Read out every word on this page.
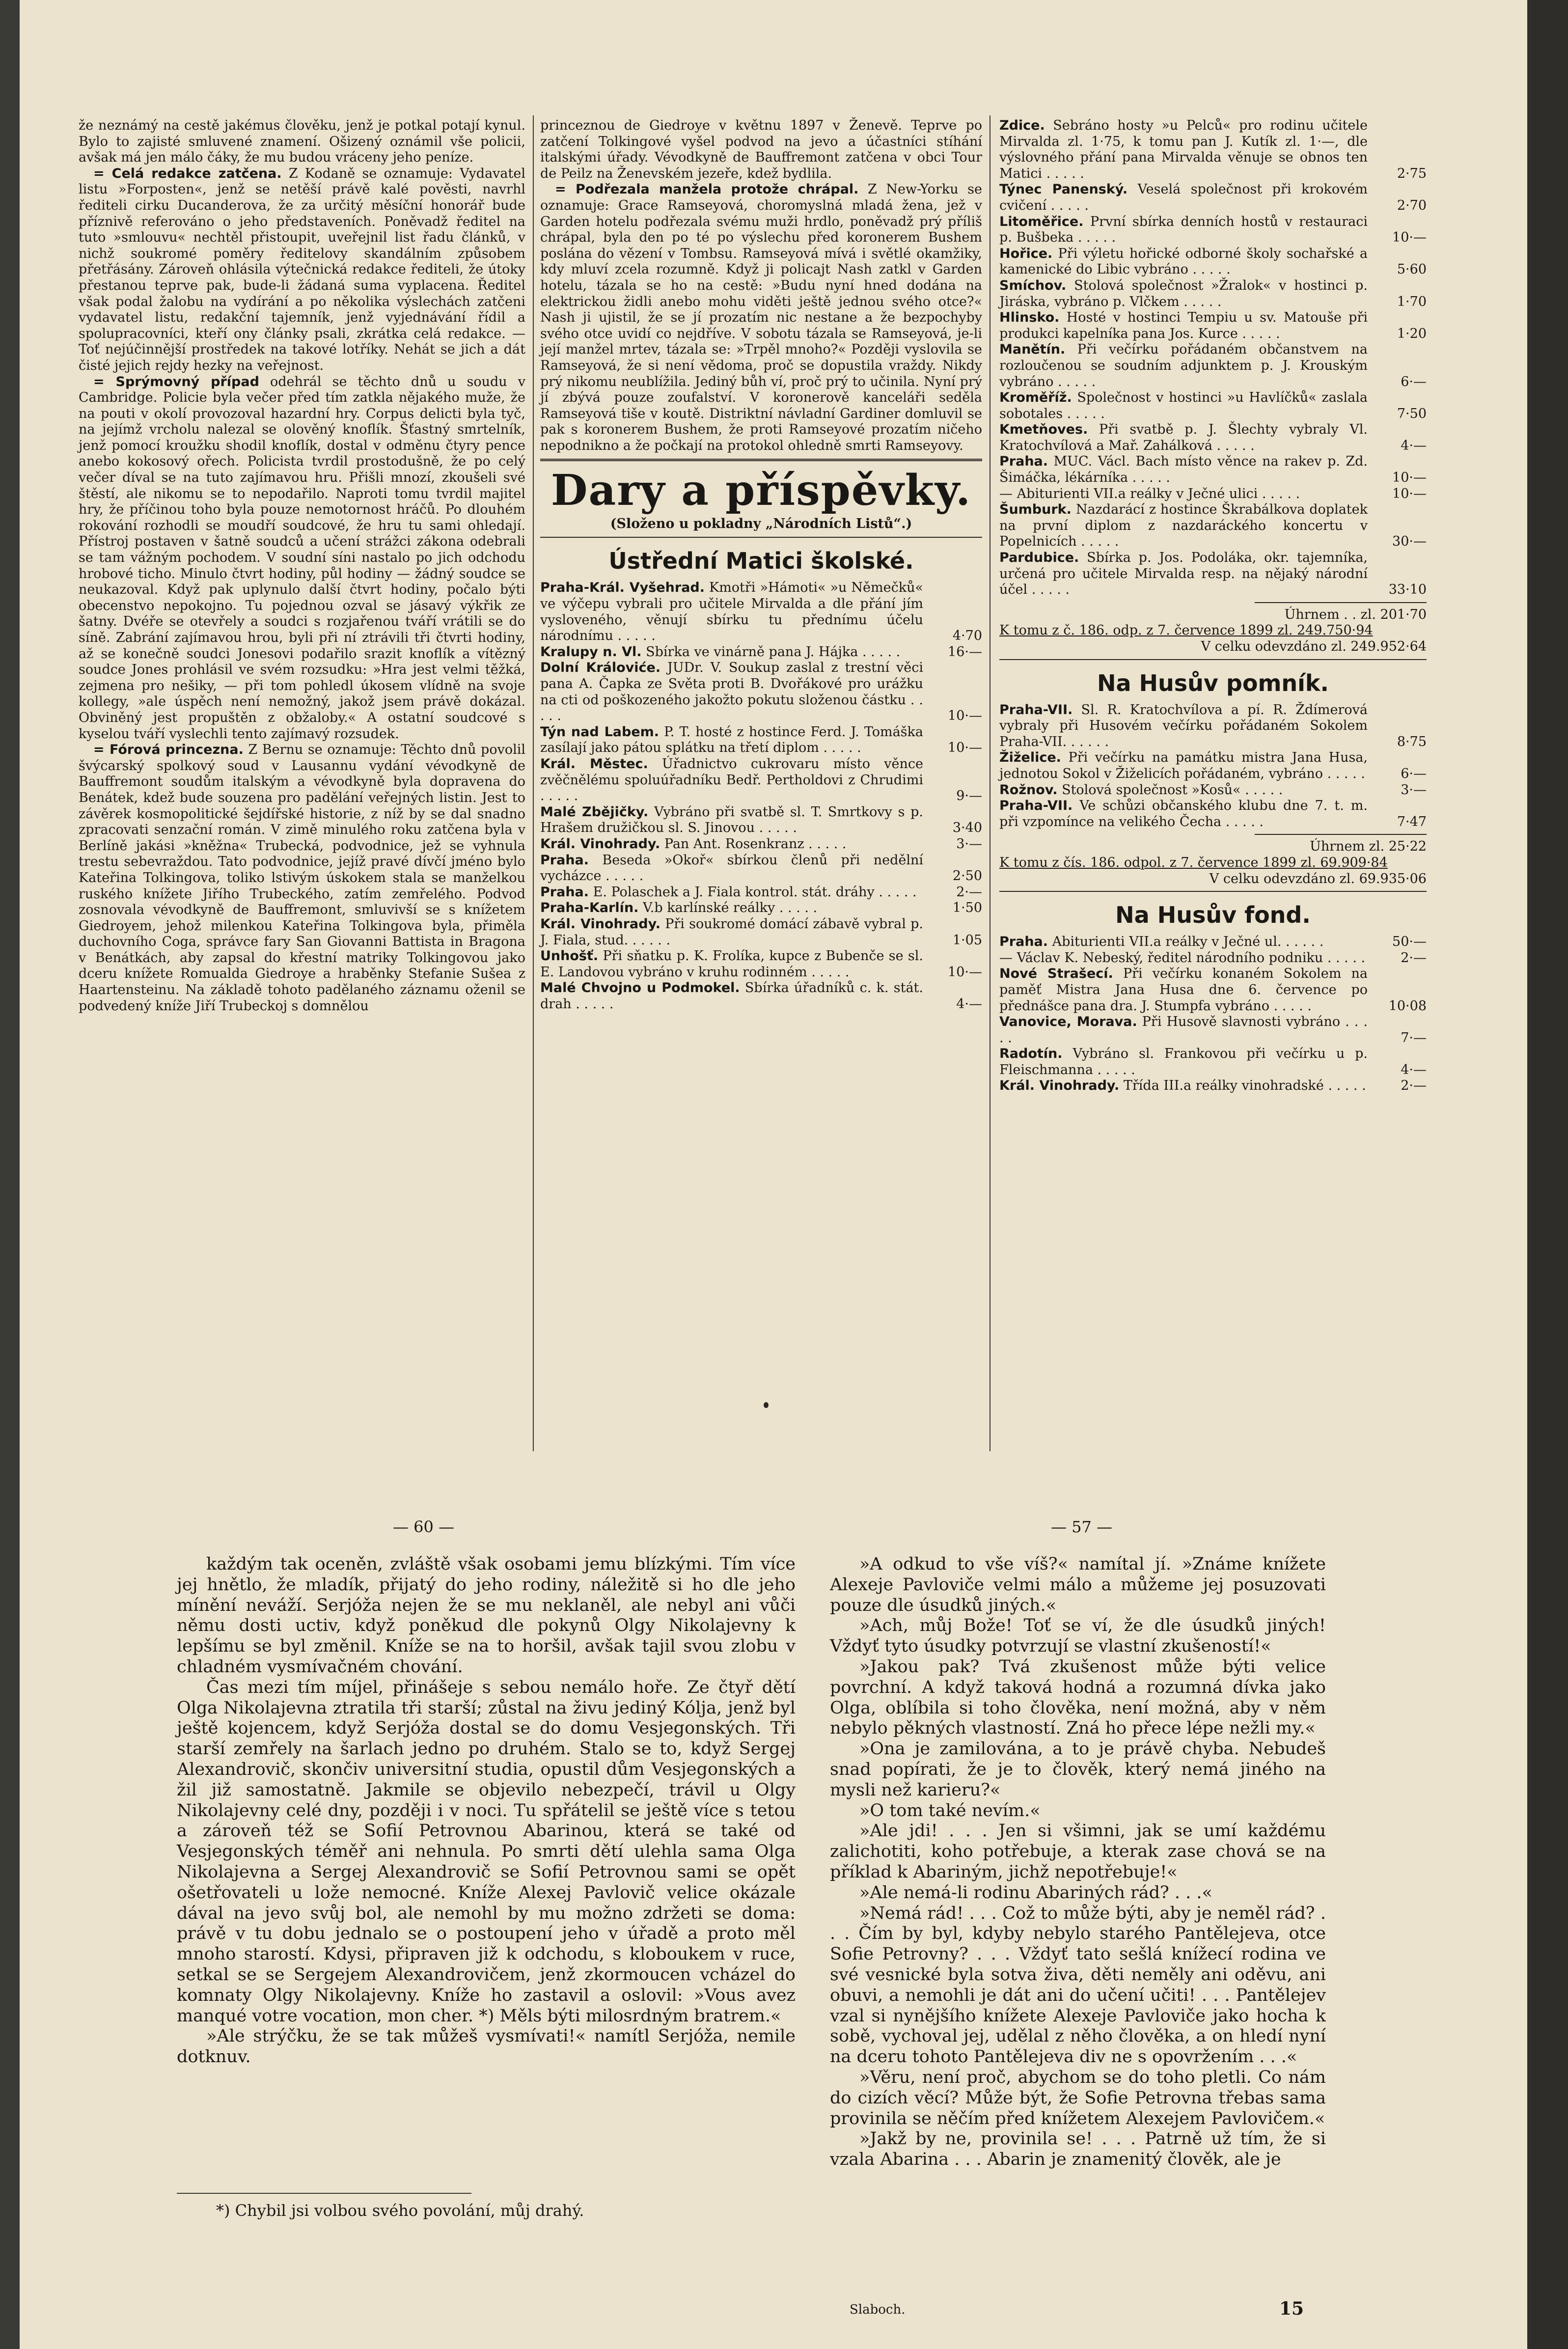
že neznámý na cestě jakémus člověku, jenž je potkal potají kynul. Bylo to zajisté smluvené znamení. Ošizený oznámil vše policii, avšak má jen málo čáky, že mu budou vráceny jeho peníze.

= Celá redakce zatčena. Z Kodaně se oznamuje: Vydavatel listu »Forposten«, jenž se netěší právě kalé pověsti, navrhl řediteli cirku Ducanderova, že za určitý měsíční honorář bude příznivě referováno o jeho představeních. Poněvadž ředitel na tuto »smlouvu« nechtěl přistoupit, uveřejnil list řadu článků, v nichž soukromé poměry ředitelovy skandálním způsobem přetřásány. Zároveň ohlásila výtečnická redakce řediteli, že útoky přestanou teprve pak, bude-li žádaná suma vyplacena. Ředitel však podal žalobu na vydírání a po několika výslechách zatčeni vydavatel listu, redakční tajemník, jenž vyjednávání řídil a spolupracovníci, kteří ony články psali, zkrátka celá redakce. — Toť nejúčinnější prostředek na takové lotříky. Nehát se jich a dát čisté jejich rejdy hezky na veřejnost.

= Sprýmovný případ odehrál se těchto dnů u soudu v Cambridge. Policie byla večer před tím zatkla nějakého muže, že na pouti v okolí provozoval hazardní hry. Corpus delicti byla tyč, na jejímž vrcholu nalezal se olověný knoflík. Šťastný smrtelník, jenž pomocí kroužku shodil knoflík, dostal v odměnu čtyry pence anebo kokosový ořech. Policista tvrdil prostodušně, že po celý večer díval se na tuto zajímavou hru. Přišli mnozí, zkoušeli své štěstí, ale nikomu se to nepodařilo. Naproti tomu tvrdil majitel hry, že příčinou toho byla pouze nemotornost hráčů. Po dlouhém rokování rozhodli se moudří soudcové, že hru tu sami ohledají. Přístroj postaven v šatně soudců a učení strážci zákona odebrali se tam vážným pochodem. V soudní síni nastalo po jich odchodu hrobové ticho. Minulo čtvrt hodiny, půl hodiny — žádný soudce se neukazoval. Když pak uplynulo další čtvrt hodiny, počalo býti obecenstvo nepokojno. Tu pojednou ozval se jásavý výkřik ze šatny. Dvéře se otevřely a soudci s rozjařenou tváří vrátili se do síně. Zabrání zajímavou hrou, byli při ní ztrávili tři čtvrti hodiny, až se konečně soudci Jonesovi podařilo srazit knoflík a vítězný soudce Jones prohlásil ve svém rozsudku: »Hra jest velmi těžká, zejmena pro nešiky, — při tom pohledl úkosem vlídně na svoje kollegy, »ale úspěch není nemožný, jakož jsem právě dokázal. Obviněný jest propuštěn z obžaloby.« A ostatní soudcové s kyselou tváří vyslechli tento zajímavý rozsudek.

= Fórová princezna. Z Bernu se oznamuje: Těchto dnů povolil švýcarský spolkový soud v Lausannu vydání vévodkyně de Bauffremont soudům italským a vévodkyně byla dopravena do Benátek, kdež bude souzena pro padělání veřejných listin. Jest to závěrek kosmopolitické šejdířské historie, z níž by se dal snadno zpracovati senzační román. V zimě minulého roku zatčena byla v Berlíně jakási »kněžna« Trubecká, podvodnice, jež se vyhnula trestu sebevraždou. Tato podvodnice, jejíž pravé dívčí jméno bylo Kateřina Tolkingova, toliko lstivým úskokem stala se manželkou ruského knížete Jiřího Trubeckého, zatím zemřelého. Podvod zosnovala vévodkyně de Bauffremont, smluvivší se s knížetem Giedroyem, jehož milenkou Kateřina Tolkingova byla, přiměla duchovního Coga, správce fary San Giovanni Battista in Bragona v Benátkách, aby zapsal do křestní matriky Tolkingovou jako dceru knížete Romualda Giedroye a hraběnky Stefanie Sušea z Haartensteinu. Na základě tohoto padělaného záznamu oženil se podvedený kníže Jiří Trubeckoj s domnělou

princeznou de Giedroye v květnu 1897 v Ženevě. Teprve po zatčení Tolkingové vyšel podvod na jevo a účastníci stíhání italskými úřady. Vévodkyně de Bauffremont zatčena v obci Tour de Peilz na Ženevském jezeře, kdež bydlila.

= Podřezala manžela protože chrápal. Z New-Yorku se oznamuje: Grace Ramseyová, choromyslná mladá žena, jež v Garden hotelu podřezala svému muži hrdlo, poněvadž prý příliš chrápal, byla den po té po výslechu před koronerem Bushem poslána do vězení v Tombsu. Ramseyová mívá i světlé okamžiky, kdy mluví zcela rozumně. Když ji policajt Nash zatkl v Garden hotelu, tázala se ho na cestě: »Budu nyní hned dodána na elektrickou židli anebo mohu viděti ještě jednou svého otce?« Nash ji ujistil, že se jí prozatím nic nestane a že bezpochyby svého otce uvidí co nejdříve. V sobotu tázala se Ramseyová, je-li její manžel mrtev, tázala se: »Trpěl mnoho?« Později vyslovila se Ramseyová, že si není vědoma, proč se dopustila vraždy. Nikdy prý nikomu neublížila. Jediný bůh ví, proč prý to učinila. Nyní prý jí zbývá pouze zoufalství. V koronerově kanceláři seděla Ramseyová tiše v koutě. Distriktní návladní Gardiner domluvil se pak s koronerem Bushem, že proti Ramseyové prozatím ničeho nepodnikno a že počkají na protokol ohledně smrti Ramseyovy.

Dary a příspěvky.
(Složeno u pokladny „Národních Listů“.)
Ústřední Matici školské.
Praha-Král. Vyšehrad. Kmotři »Hámoti« »u Němečků« ve výčepu vybrali pro učitele Mirvalda a dle přání jím vysloveného, věnují sbírku tu přednímu účelu národnímu . . . . .	4·70
Kralupy n. Vl. Sbírka ve vinárně pana J. Hájka . . . . .	16·—
Dolní Královiće. JUDr. V. Soukup zaslal z trestní věci pana A. Čapka ze Světa proti B. Dvořákové pro urážku na cti od poškozeného jakožto pokutu složenou částku . . . . .	10·—
Týn nad Labem. P. T. hosté z hostince Ferd. J. Tomáška zasílají jako pátou splátku na třetí diplom . . . . .	10·—
Král. Městec. Úřadnictvo cukrovaru místo věnce zvěčnělému spoluúřadníku Bedř. Pertholdovi z Chrudimi . . . . .	9·—
Malé Zbějičky. Vybráno při svatbě sl. T. Smrtkovy s p. Hrašem družičkou sl. S. Jinovou . . . . .	3·40
Král. Vinohrady. Pan Ant. Rosenkranz . . . . .	3·—
Praha. Beseda »Okoř« sbírkou členů při nedělní vycházce . . . . .	2·50
Praha. E. Polaschek a J. Fiala kontrol. stát. dráhy . . . . .	2·—
Praha-Karlín. V.b karlínské reálky . . . . .	1·50
Král. Vinohrady. Při soukromé domácí zábavě vybral p. J. Fiala, stud. . . . . .	1·05
Unhošť. Při sňatku p. K. Frolíka, kupce z Bubenče se sl. E. Landovou vybráno v kruhu rodinném . . . . .	10·—
Malé Chvojno u Podmokel. Sbírka úřadníků c. k. stát. drah . . . . .	4·—
Zdice. Sebráno hosty »u Pelců« pro rodinu učitele Mirvalda zl. 1·75, k tomu pan J. Kutík zl. 1·—, dle výslovného přání pana Mirvalda věnuje se obnos ten Matici . . . . .	2·75
Týnec Panenský. Veselá společnost při krokovém cvičení . . . . .	2·70
Litoměřice. První sbírka denních hostů v restauraci p. Bušbeka . . . . .	10·—
Hořice. Při výletu hořické odborné školy sochařské a kamenické do Libic vybráno . . . . .	5·60
Smíchov. Stolová společnost »Žralok« v hostinci p. Jiráska, vybráno p. Vlčkem . . . . .	1·70
Hlinsko. Hosté v hostinci Tempiu u sv. Matouše při produkci kapelníka pana Jos. Kurce . . . . .	1·20
Manětín. Při večírku pořádaném občanstvem na rozloučenou se soudním adjunktem p. J. Krouským vybráno . . . . .	6·—
Kroměříž. Společnost v hostinci »u Havlíčků« zaslala sobotales . . . . .	7·50
Kmetňoves. Při svatbě p. J. Šlechty vybraly Vl. Kratochvílová a Mař. Zahálková . . . . .	4·—
Praha. MUC. Václ. Bach místo věnce na rakev p. Zd. Šimáčka, lékárníka . . . . .	10·—
— Abiturienti VII.a reálky v Ječné ulici . . . . .	10·—
Šumburk. Nazdarácí z hostince Škrabálkova doplatek na první diplom z nazdaráckého koncertu v Popelnicích . . . . .	30·—
Pardubice. Sbírka p. Jos. Podoláka, okr. tajemníka, určená pro učitele Mirvalda resp. na nějaký národní účel . . . . .	33·10
Úhrnem . . zl. 201·70
K tomu z č. 186. odp. z 7. července 1899 zl. 249.750·94
V celku odevzdáno zl. 249.952·64
Na Husův pomník.
Praha-VII. Sl. R. Kratochvílova a pí. R. Ždímerová vybraly při Husovém večírku pořádaném Sokolem Praha-VII. . . . . .	8·75
Žiželice. Při večírku na památku mistra Jana Husa, jednotou Sokol v Žiželicích pořádaném, vybráno . . . . .	6·—
Rožnov. Stolová společnost »Kosů« . . . . .	3·—
Praha-VII. Ve schůzi občanského klubu dne 7. t. m. při vzpomínce na velikého Čecha . . . . .	7·47
Úhrnem zl. 25·22
K tomu z čís. 186. odpol. z 7. července 1899 zl. 69.909·84
V celku odevzdáno zl. 69.935·06
Na Husův fond.
Praha. Abiturienti VII.a reálky v Ječné ul. . . . . .	50·—
— Václav K. Nebeský, ředitel národního podniku . . . . .	2·—
Nové Strašecí. Při večírku konaném Sokolem na paměť Mistra Jana Husa dne 6. července po přednášce pana dra. J. Stumpfa vybráno . . . . .	10·08
Vanovice, Morava. Při Husově slavnosti vybráno . . . . .	7·—
Radotín. Vybráno sl. Frankovou při večírku u p. Fleischmanna . . . . .	4·—
Král. Vinohrady. Třída III.a reálky vinohradské . . . . .	2·—
— 60 —	— 57 —

každým tak oceněn, zvláště však osobami jemu blízkými. Tím více jej hnětlo, že mladík, přijatý do jeho rodiny, náležitě si ho dle jeho mínění neváží. Serjóža nejen že se mu neklaněl, ale nebyl ani vůči němu dosti uctiv, když poněkud dle pokynů Olgy Nikolajevny k lepšímu se byl změnil. Kníže se na to horšil, avšak tajil svou zlobu v chladném vysmívačném chování.

Čas mezi tím míjel, přinášeje s sebou nemálo hoře. Ze čtyř dětí Olga Nikolajevna ztratila tři starší; zůstal na živu jediný Kólja, jenž byl ještě kojencem, když Serjóža dostal se do domu Vesjegonských. Tři starší zemřely na šarlach jedno po druhém. Stalo se to, když Sergej Alexandrovič, skončiv universitní studia, opustil dům Vesjegonských a žil již samostatně. Jakmile se objevilo nebezpečí, trávil u Olgy Nikolajevny celé dny, později i v noci. Tu spřátelil se ještě více s tetou a zároveň též se Sofií Petrovnou Abarinou, která se také od Vesjegonských téměř ani nehnula. Po smrti dětí ulehla sama Olga Nikolajevna a Sergej Alexandrovič se Sofií Petrovnou sami se opět ošetřovateli u lože nemocné. Kníže Alexej Pavlovič velice okázale dával na jevo svůj bol, ale nemohl by mu možno zdržeti se doma: právě v tu dobu jednalo se o postoupení jeho v úřadě a proto měl mnoho starostí. Kdysi, připraven již k odchodu, s kloboukem v ruce, setkal se se Sergejem Alexandrovičem, jenž zkormoucen vcházel do komnaty Olgy Nikolajevny. Kníže ho zastavil a oslovil: »Vous avez manqué votre vocation, mon cher. *) Měls býti milosrdným bratrem.«

»Ale strýčku, že se tak můžeš vysmívati!« namítl Serjóža, nemile dotknuv.

*) Chybil jsi volbou svého povolání, můj drahý.

»A odkud to vše víš?« namítal jí. »Známe knížete Alexeje Pavloviče velmi málo a můžeme jej posuzovati pouze dle úsudků jiných.«

»Ach, můj Bože! Toť se ví, že dle úsudků jiných! Vždyť tyto úsudky potvrzují se vlastní zkušeností!«

»Jakou pak? Tvá zkušenost může býti velice povrchní. A když taková hodná a rozumná dívka jako Olga, oblíbila si toho člověka, není možná, aby v něm nebylo pěkných vlastností. Zná ho přece lépe nežli my.«

»Ona je zamilována, a to je právě chyba. Nebudeš snad popírati, že je to člověk, který nemá jiného na mysli než karieru?«

»O tom také nevím.«

»Ale jdi! . . . Jen si všimni, jak se umí každému zalichotiti, koho potřebuje, a kterak zase chová se na příklad k Abariným, jichž nepotřebuje!«

»Ale nemá-li rodinu Abariných rád? . . .«

»Nemá rád! . . . Což to může býti, aby je neměl rád? . . . Čím by byl, kdyby nebylo starého Pantělejeva, otce Sofie Petrovny? . . . Vždyť tato sešlá knížecí rodina ve své vesnické byla sotva živa, děti neměly ani oděvu, ani obuvi, a nemohli je dát ani do učení učiti! . . . Pantělejev vzal si nynějšího knížete Alexeje Pavloviče jako hocha k sobě, vychoval jej, udělal z něho člověka, a on hledí nyní na dceru tohoto Pantělejeva div ne s opovržením . . .«

»Věru, není proč, abychom se do toho pletli. Co nám do cizích věcí? Může být, že Sofie Petrovna třebas sama provinila se něčím před knížetem Alexejem Pavlovičem.«

»Jakž by ne, provinila se! . . . Patrně už tím, že si vzala Abarina . . . Abarin je znamenitý člověk, ale je

Slaboch.	15
